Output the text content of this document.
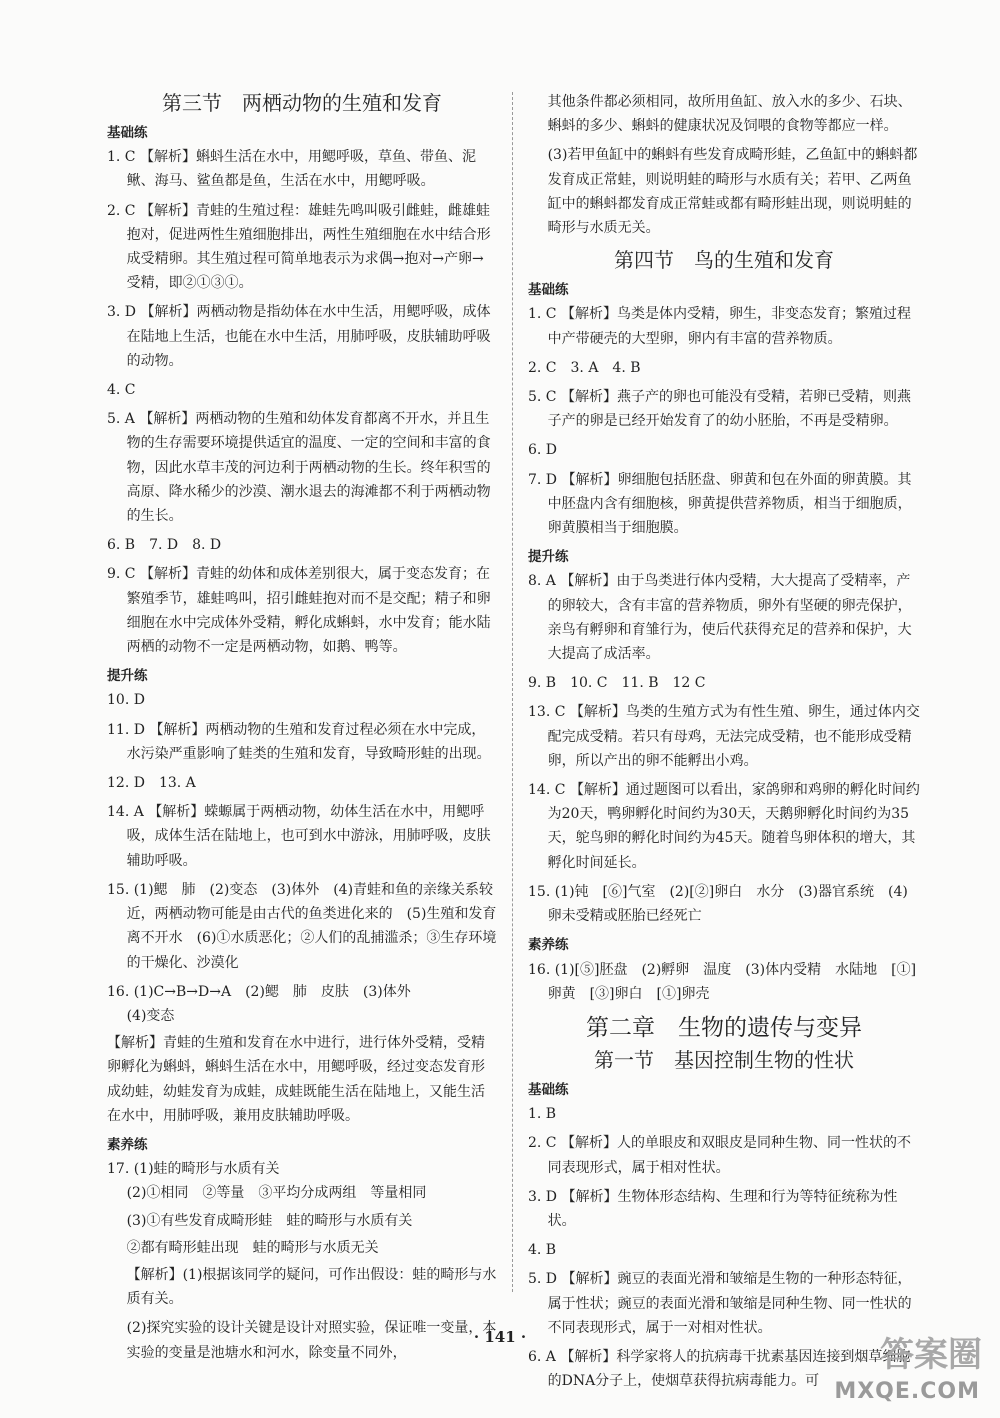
第三节　两栖动物的生殖和发育
基础练
1. C 【解析】蝌蚪生活在水中，用鳃呼吸，草鱼、带鱼、泥鳅、海马、鲨鱼都是鱼，生活在水中，用鳃呼吸。
2. C 【解析】青蛙的生殖过程：雄蛙先鸣叫吸引雌蛙，雌雄蛙抱对，促进两性生殖细胞排出，两性生殖细胞在水中结合形成受精卵。其生殖过程可简单地表示为求偶→抱对→产卵→受精，即②①③①。
3. D 【解析】两栖动物是指幼体在水中生活，用鳃呼吸，成体在陆地上生活，也能在水中生活，用肺呼吸，皮肤辅助呼吸的动物。
4. C
5. A 【解析】两栖动物的生殖和幼体发育都离不开水，并且生物的生存需要环境提供适宜的温度、一定的空间和丰富的食物，因此水草丰茂的河边利于两栖动物的生长。终年积雪的高原、降水稀少的沙漠、潮水退去的海滩都不利于两栖动物的生长。
6. B　7. D　8. D
9. C 【解析】青蛙的幼体和成体差别很大，属于变态发育；在繁殖季节，雄蛙鸣叫，招引雌蛙抱对而不是交配；精子和卵细胞在水中完成体外受精，孵化成蝌蚪，水中发育；能水陆两栖的动物不一定是两栖动物，如鹅、鸭等。
提升练
10. D
11. D 【解析】两栖动物的生殖和发育过程必须在水中完成，水污染严重影响了蛙类的生殖和发育，导致畸形蛙的出现。
12. D　13. A
14. A 【解析】蝾螈属于两栖动物，幼体生活在水中，用鳃呼吸，成体生活在陆地上，也可到水中游泳，用肺呼吸，皮肤辅助呼吸。
15. (1)鳃　肺　(2)变态　(3)体外　(4)青蛙和鱼的亲缘关系较近，两栖动物可能是由古代的鱼类进化来的　(5)生殖和发育离不开水　(6)①水质恶化；②人们的乱捕滥杀；③生存环境的干燥化、沙漠化
16. (1)C→B→D→A　(2)鳃　肺　皮肤　(3)体外
(4)变态
【解析】青蛙的生殖和发育在水中进行，进行体外受精，受精卵孵化为蝌蚪，蝌蚪生活在水中，用鳃呼吸，经过变态发育形成幼蛙，幼蛙发育为成蛙，成蛙既能生活在陆地上，又能生活在水中，用肺呼吸，兼用皮肤辅助呼吸。
素养练
17. (1)蛙的畸形与水质有关
(2)①相同　②等量　③平均分成两组　等量相同
(3)①有些发育成畸形蛙　蛙的畸形与水质有关
②都有畸形蛙出现　蛙的畸形与水质无关
【解析】(1)根据该同学的疑问，可作出假设：蛙的畸形与水质有关。
(2)探究实验的设计关键是设计对照实验，保证唯一变量，本实验的变量是池塘水和河水，除变量不同外，
其他条件都必须相同，故所用鱼缸、放入水的多少、石块、蝌蚪的多少、蝌蚪的健康状况及饲喂的食物等都应一样。
(3)若甲鱼缸中的蝌蚪有些发育成畸形蛙，乙鱼缸中的蝌蚪都发育成正常蛙，则说明蛙的畸形与水质有关；若甲、乙两鱼缸中的蝌蚪都发育成正常蛙或都有畸形蛙出现，则说明蛙的畸形与水质无关。
第四节　鸟的生殖和发育
基础练
1. C 【解析】鸟类是体内受精，卵生，非变态发育；繁殖过程中产带硬壳的大型卵，卵内有丰富的营养物质。
2. C　3. A　4. B
5. C 【解析】燕子产的卵也可能没有受精，若卵已受精，则燕子产的卵是已经开始发育了的幼小胚胎，不再是受精卵。
6. D
7. D 【解析】卵细胞包括胚盘、卵黄和包在外面的卵黄膜。其中胚盘内含有细胞核，卵黄提供营养物质，相当于细胞质，卵黄膜相当于细胞膜。
提升练
8. A 【解析】由于鸟类进行体内受精，大大提高了受精率，产的卵较大，含有丰富的营养物质，卵外有坚硬的卵壳保护，亲鸟有孵卵和育雏行为，使后代获得充足的营养和保护，大大提高了成活率。
9. B　10. C　11. B　12 C
13. C 【解析】鸟类的生殖方式为有性生殖、卵生，通过体内交配完成受精。若只有母鸡，无法完成受精，也不能形成受精卵，所以产出的卵不能孵出小鸡。
14. C 【解析】通过题图可以看出，家鸽卵和鸡卵的孵化时间约为20天，鸭卵孵化时间约为30天，天鹅卵孵化时间约为35天，鸵鸟卵的孵化时间约为45天。随着鸟卵体积的增大，其孵化时间延长。
15. (1)钝　[⑥]气室　(2)[②]卵白　水分　(3)器官系统　(4)卵未受精或胚胎已经死亡
素养练
16. (1)[⑤]胚盘　(2)孵卵　温度　(3)体内受精　水陆地　[①]卵黄　[③]卵白　[①]卵壳
第二章　生物的遗传与变异
第一节　基因控制生物的性状
基础练
1. B
2. C 【解析】人的单眼皮和双眼皮是同种生物、同一性状的不同表现形式，属于相对性状。
3. D 【解析】生物体形态结构、生理和行为等特征统称为性状。
4. B
5. D 【解析】豌豆的表面光滑和皱缩是生物的一种形态特征，属于性状；豌豆的表面光滑和皱缩是同种生物、同一性状的不同表现形式，属于一对相对性状。
6. A 【解析】科学家将人的抗病毒干扰素基因连接到烟草细胞的DNA分子上，使烟草获得抗病毒能力。可
· 141 ·	答案圈
MXQE.COM
